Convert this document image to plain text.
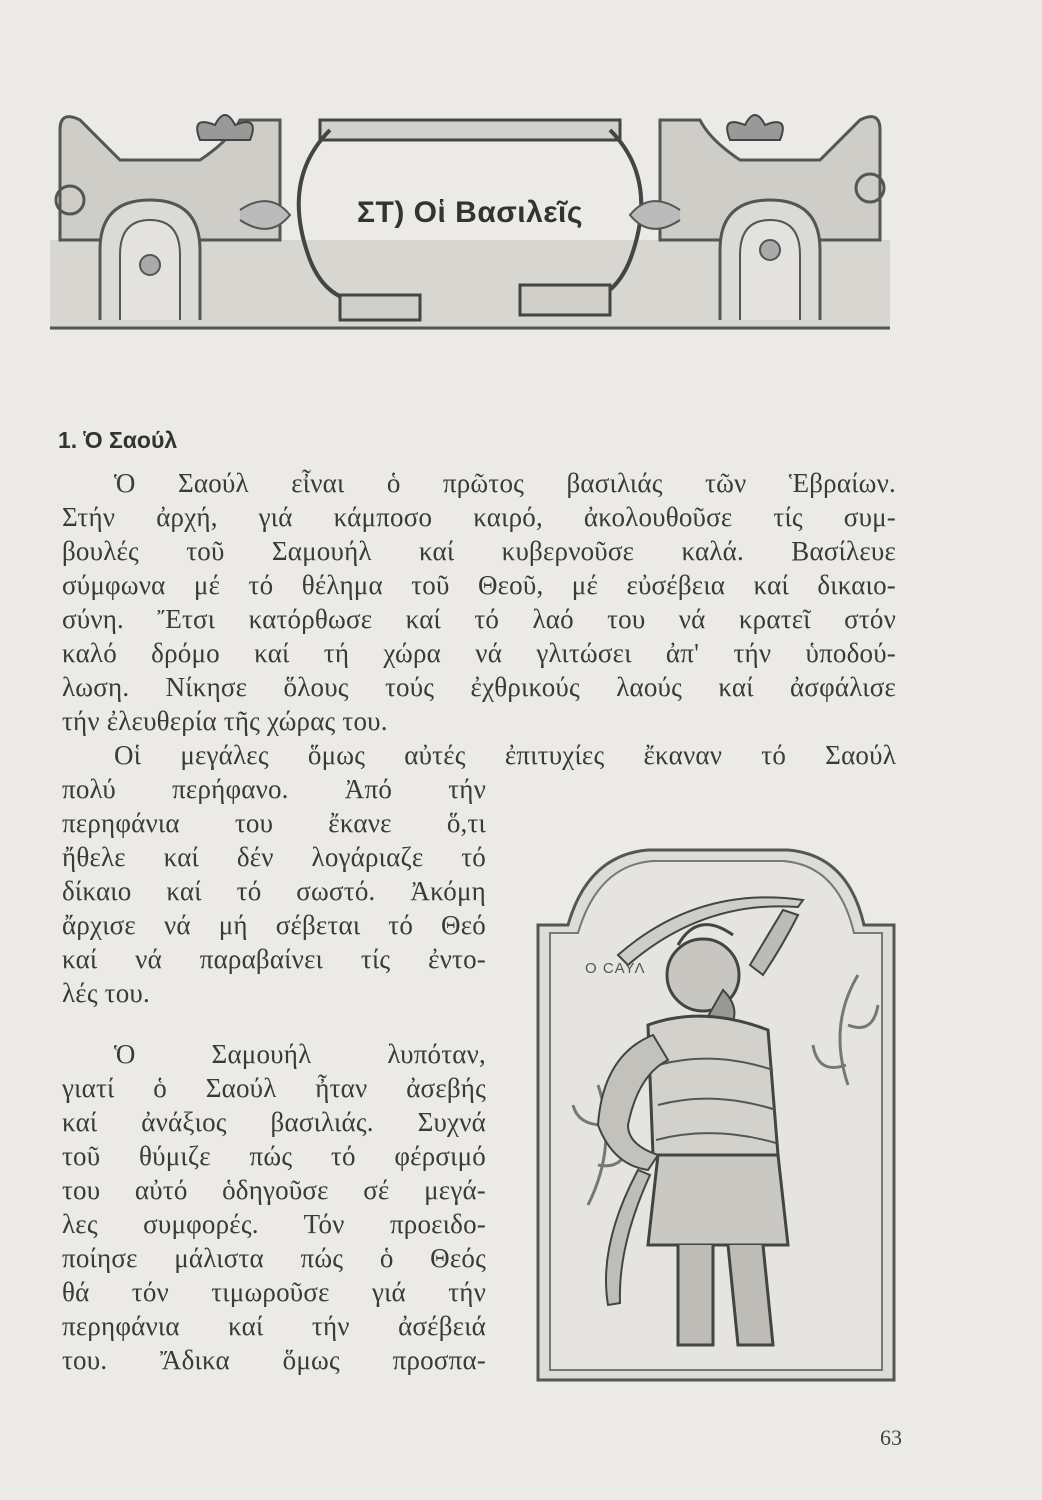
ΣΤ) Οἱ Βασιλεῖς
1. Ὁ Σαούλ
Ὁ Σαούλ εἶναι ὁ πρῶτος βασιλιάς τῶν Ἑβραίων.
Στήν ἀρχή, γιά κάμποσο καιρό, ἀκολουθοῦσε τίς συμ-
βουλές τοῦ Σαμουήλ καί κυβερνοῦσε καλά. Βασίλευε
σύμφωνα μέ τό θέλημα τοῦ Θεοῦ, μέ εὐσέβεια καί δικαιο-
σύνη. Ἔτσι κατόρθωσε καί τό λαό του νά κρατεῖ στόν
καλό δρόμο καί τή χώρα νά γλιτώσει ἀπ' τήν ὑποδού-
λωση. Νίκησε ὅλους τούς ἐχθρικούς λαούς καί ἀσφάλισε
τήν ἐλευθερία τῆς χώρας του.
Οἱ μεγάλες ὅμως αὐτές ἐπιτυχίες ἔκαναν τό Σαούλ
πολύ περήφανο. Ἀπό τήν
περηφάνια του ἔκανε ὅ,τι
ἤθελε καί δέν λογάριαζε τό
δίκαιο καί τό σωστό. Ἀκόμη
ἄρχισε νά μή σέβεται τό Θεό
καί νά παραβαίνει τίς ἐντο-
λές του.
Ὁ Σαμουήλ λυπόταν,
γιατί ὁ Σαούλ ἦταν ἀσεβής
καί ἀνάξιος βασιλιάς. Συχνά
τοῦ θύμιζε πώς τό φέρσιμό
του αὐτό ὁδηγοῦσε σέ μεγά-
λες συμφορές. Τόν προειδο-
ποίησε μάλιστα πώς ὁ Θεός
θά τόν τιμωροῦσε γιά τήν
περηφάνια καί τήν ἀσέβειά
του. Ἄδικα ὅμως προσπα-
Ο CΑΥΛ
63
